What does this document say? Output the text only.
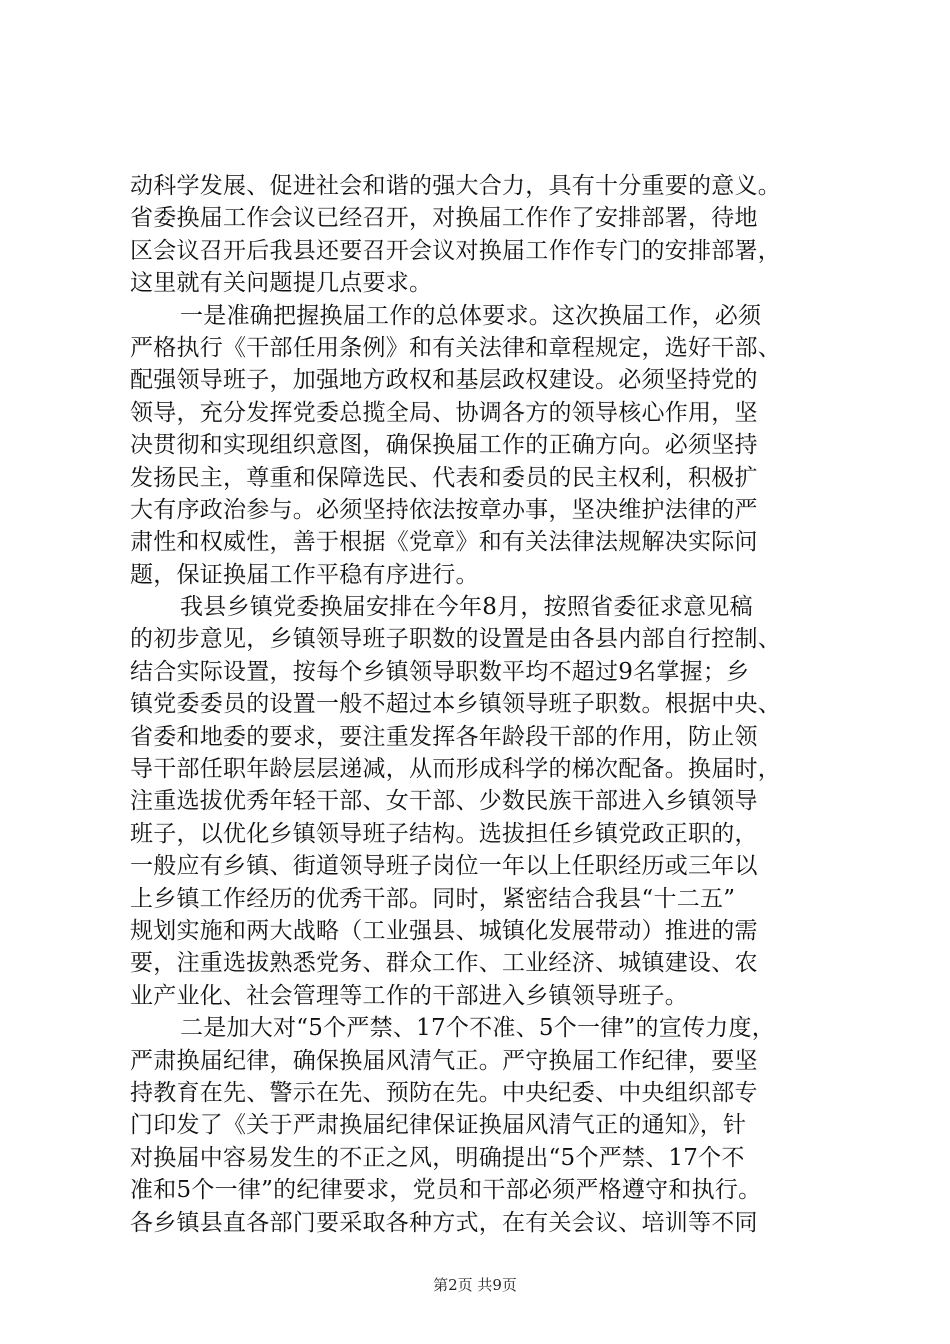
动科学发展、促进社会和谐的强大合力，具有十分重要的意义。
省委换届工作会议已经召开，对换届工作作了安排部署，待地
区会议召开后我县还要召开会议对换届工作作专门的安排部署，
这里就有关问题提几点要求。
一是准确把握换届工作的总体要求。这次换届工作，必须
严格执行《干部任用条例》和有关法律和章程规定，选好干部、
配强领导班子，加强地方政权和基层政权建设。必须坚持党的
领导，充分发挥党委总揽全局、协调各方的领导核心作用，坚
决贯彻和实现组织意图，确保换届工作的正确方向。必须坚持
发扬民主，尊重和保障选民、代表和委员的民主权利，积极扩
大有序政治参与。必须坚持依法按章办事，坚决维护法律的严
肃性和权威性，善于根据《党章》和有关法律法规解决实际问
题，保证换届工作平稳有序进行。
我县乡镇党委换届安排在今年8月，按照省委征求意见稿
的初步意见，乡镇领导班子职数的设置是由各县内部自行控制、
结合实际设置，按每个乡镇领导职数平均不超过9名掌握；乡
镇党委委员的设置一般不超过本乡镇领导班子职数。根据中央、
省委和地委的要求，要注重发挥各年龄段干部的作用，防止领
导干部任职年龄层层递减，从而形成科学的梯次配备。换届时，
注重选拔优秀年轻干部、女干部、少数民族干部进入乡镇领导
班子，以优化乡镇领导班子结构。选拔担任乡镇党政正职的，
一般应有乡镇、街道领导班子岗位一年以上任职经历或三年以
上乡镇工作经历的优秀干部。同时，紧密结合我县“十二五”
规划实施和两大战略（工业强县、城镇化发展带动）推进的需
要，注重选拔熟悉党务、群众工作、工业经济、城镇建设、农
业产业化、社会管理等工作的干部进入乡镇领导班子。
二是加大对“5个严禁、17个不准、5个一律”的宣传力度，
严肃换届纪律，确保换届风清气正。严守换届工作纪律，要坚
持教育在先、警示在先、预防在先。中央纪委、中央组织部专
门印发了《关于严肃换届纪律保证换届风清气正的通知》，针
对换届中容易发生的不正之风，明确提出“5个严禁、17个不
准和5个一律”的纪律要求，党员和干部必须严格遵守和执行。
各乡镇县直各部门要采取各种方式，在有关会议、培训等不同
第2页 共9页
